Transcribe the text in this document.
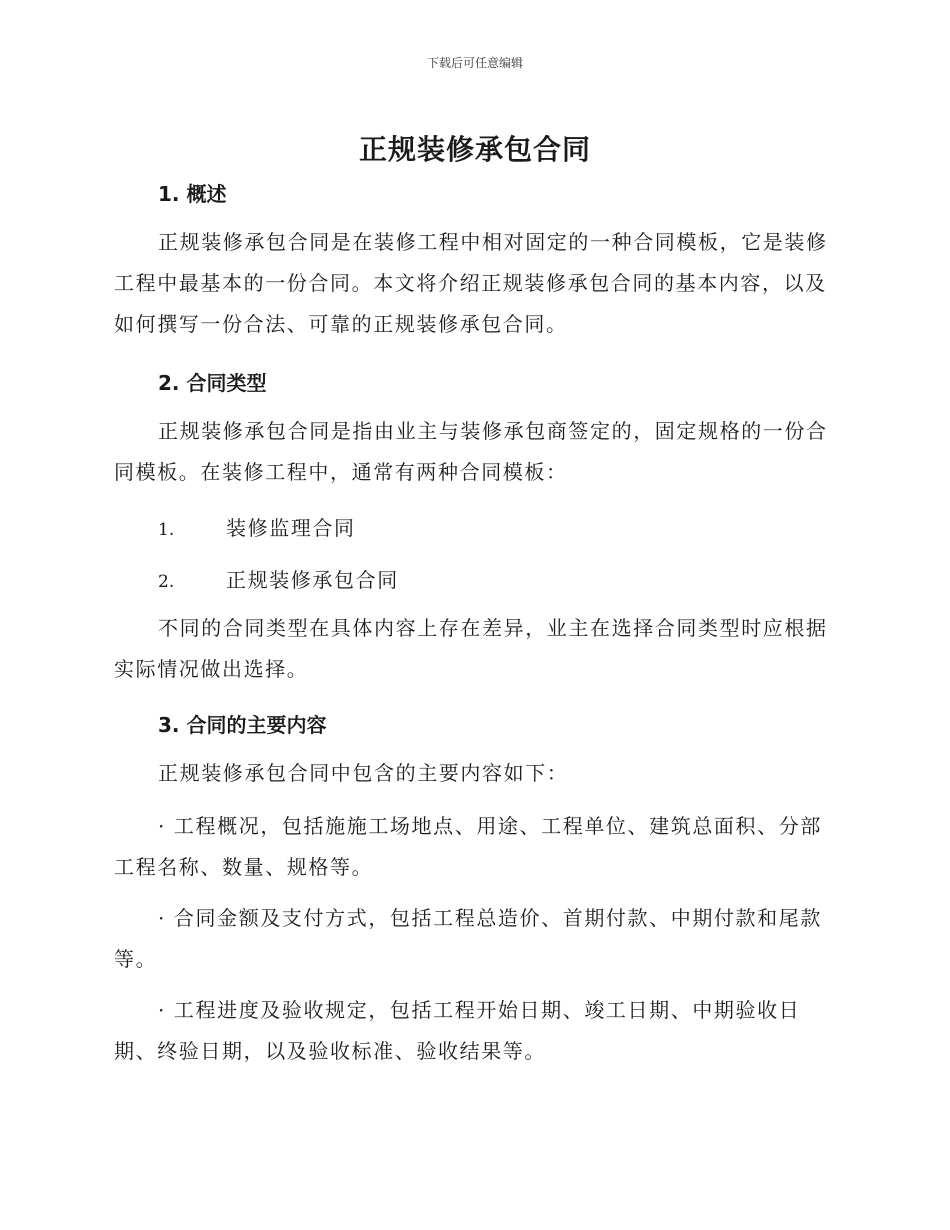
下载后可任意编辑
正规装修承包合同
1. 概述
正规装修承包合同是在装修工程中相对固定的一种合同模板，它是装修工程中最基本的一份合同。本文将介绍正规装修承包合同的基本内容，以及如何撰写一份合法、可靠的正规装修承包合同。
2. 合同类型
正规装修承包合同是指由业主与装修承包商签定的，固定规格的一份合同模板。在装修工程中，通常有两种合同模板：
1.	装修监理合同
2.	正规装修承包合同
不同的合同类型在具体内容上存在差异，业主在选择合同类型时应根据实际情况做出选择。
3. 合同的主要内容
正规装修承包合同中包含的主要内容如下：
· 工程概况，包括施施工场地点、用途、工程单位、建筑总面积、分部工程名称、数量、规格等。
· 合同金额及支付方式，包括工程总造价、首期付款、中期付款和尾款等。
· 工程进度及验收规定，包括工程开始日期、竣工日期、中期验收日期、终验日期，以及验收标准、验收结果等。
